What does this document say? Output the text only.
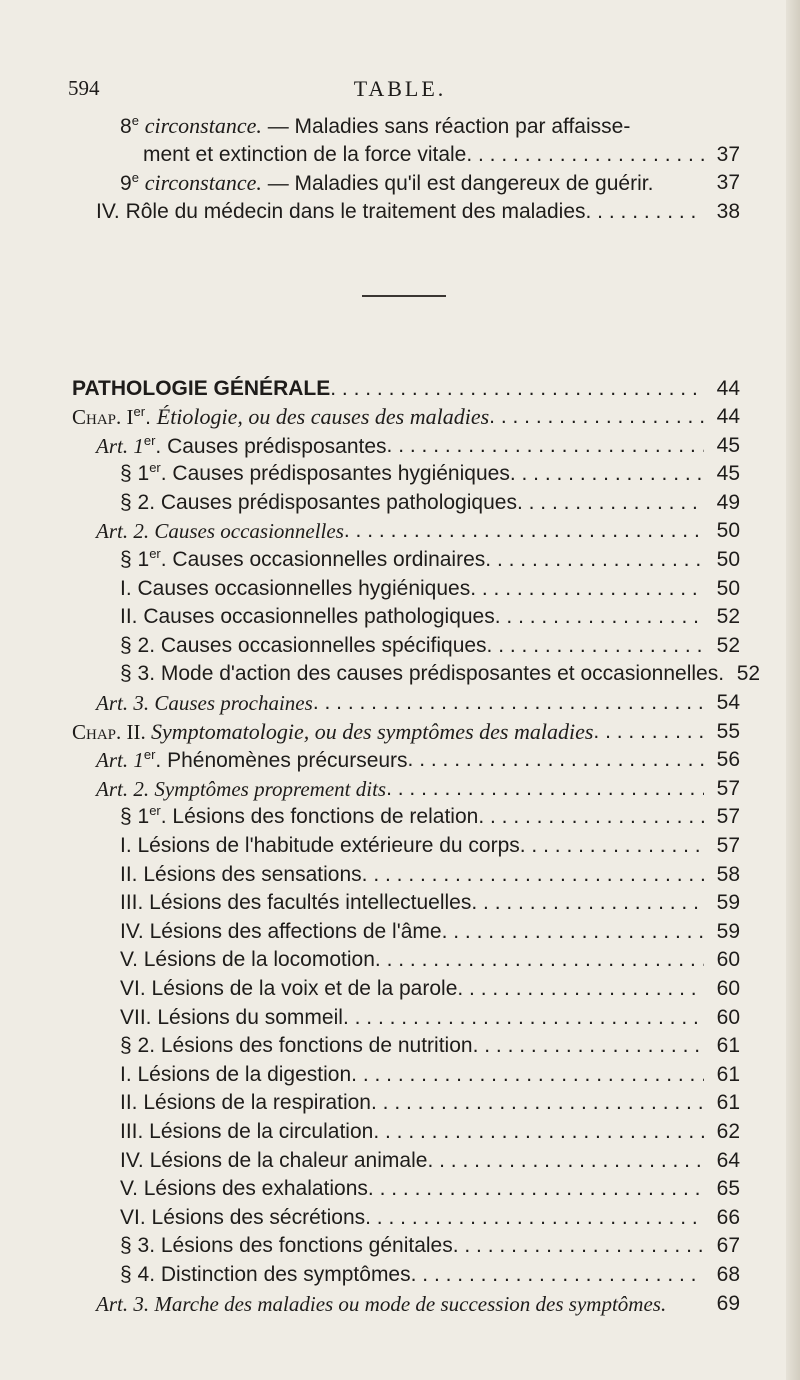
594	TABLE.
8e circonstance. — Maladies sans réaction par affaisse-
ment et extinction de la force vitale . . .	37
9e circonstance. — Maladies qu'il est dangereux de guérir.	37
IV. Rôle du médecin dans le traitement des maladies . . .	38
PATHOLOGIE GÉNÉRALE . . .	44
Chap. Ier. Étiologie, ou des causes des maladies . . .	44
Art. 1er. Causes prédisposantes . . .	45
§ 1er. Causes prédisposantes hygiéniques . . .	45
§ 2. Causes prédisposantes pathologiques . . .	49
Art. 2. Causes occasionnelles . . .	50
§ 1er. Causes occasionnelles ordinaires . . .	50
I. Causes occasionnelles hygiéniques . . .	50
II. Causes occasionnelles pathologiques . . .	52
§ 2. Causes occasionnelles spécifiques . . .	52
§ 3. Mode d'action des causes prédisposantes et occasionnelles. 52
Art. 3. Causes prochaines . . .	54
Chap. II. Symptomatologie, ou des symptômes des maladies . . .	55
Art. 1er. Phénomènes précurseurs . . .	56
Art. 2. Symptômes proprement dits . . .	57
§ 1er. Lésions des fonctions de relation . . .	57
I. Lésions de l'habitude extérieure du corps . . .	57
II. Lésions des sensations . . .	58
III. Lésions des facultés intellectuelles . . .	59
IV. Lésions des affections de l'âme . . .	59
V. Lésions de la locomotion . . .	60
VI. Lésions de la voix et de la parole . . .	60
VII. Lésions du sommeil . . .	60
§ 2. Lésions des fonctions de nutrition . . .	61
I. Lésions de la digestion . . .	61
II. Lésions de la respiration . . .	61
III. Lésions de la circulation . . .	62
IV. Lésions de la chaleur animale . . .	64
V. Lésions des exhalations . . .	65
VI. Lésions des sécrétions . . .	66
§ 3. Lésions des fonctions génitales . . .	67
§ 4. Distinction des symptômes . . .	68
Art. 3. Marche des maladies ou mode de succession des symptômes.	69
